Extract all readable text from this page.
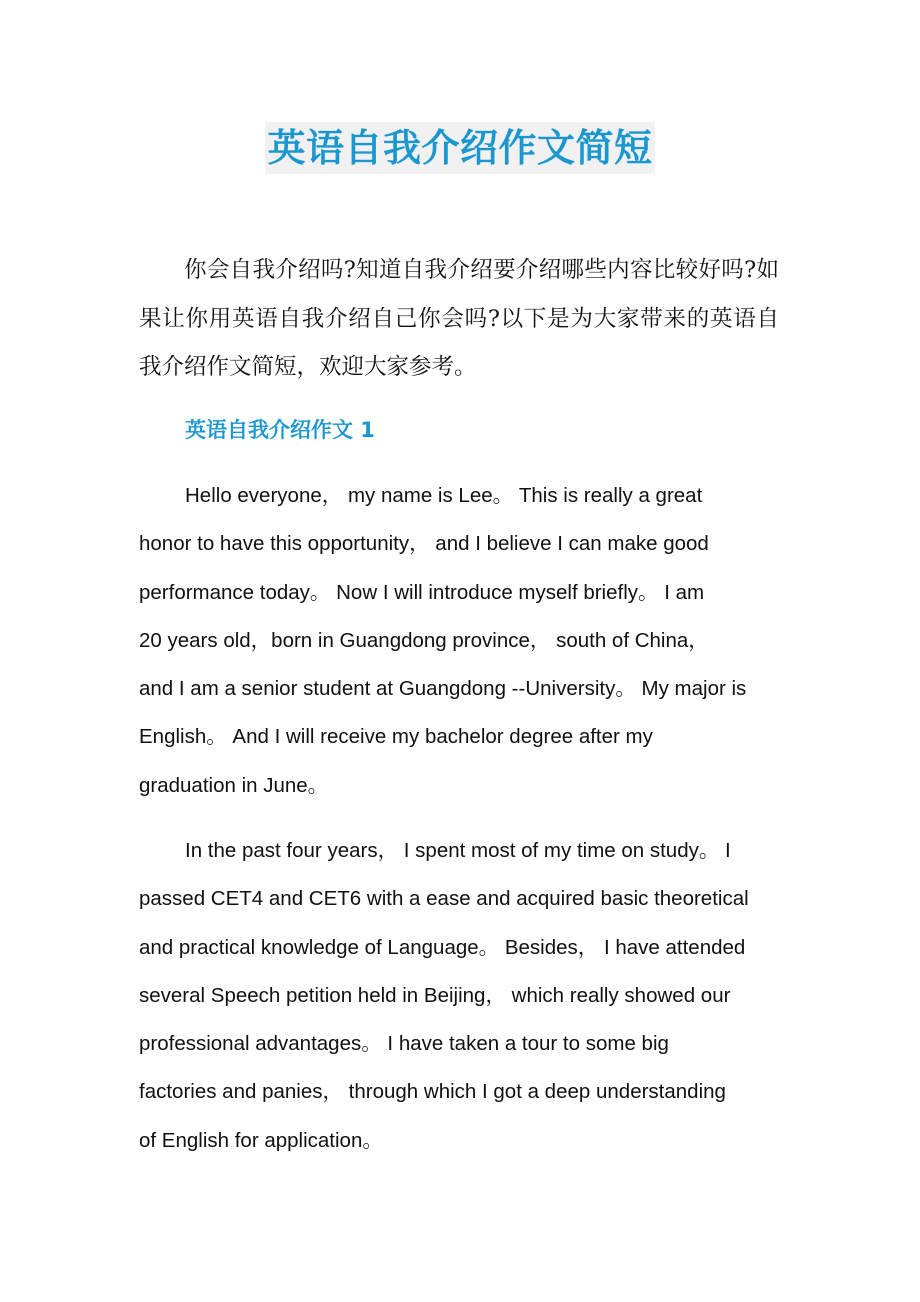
英语自我介绍作文简短

你会自我介绍吗?知道自我介绍要介绍哪些内容比较好吗?如果让你用英语自我介绍自己你会吗?以下是为大家带来的英语自我介绍作文简短，欢迎大家参考。

英语自我介绍作文 1
Hello everyone， my name is Lee。 This is really a great
honor to have this opportunity， and I believe I can make good
performance today。 Now I will introduce myself briefly。 I am
20 years old，born in Guangdong province， south of China，
and I am a senior student at Guangdong --University。 My major is
English。 And I will receive my bachelor degree after my
graduation in June。
In the past four years， I spent most of my time on study。 I
passed CET4 and CET6 with a ease and acquired basic theoretical
and practical knowledge of Language。 Besides， I have attended
several Speech petition held in Beijing， which really showed our
professional advantages。 I have taken a tour to some big
factories and panies， through which I got a deep understanding
of English for application。
